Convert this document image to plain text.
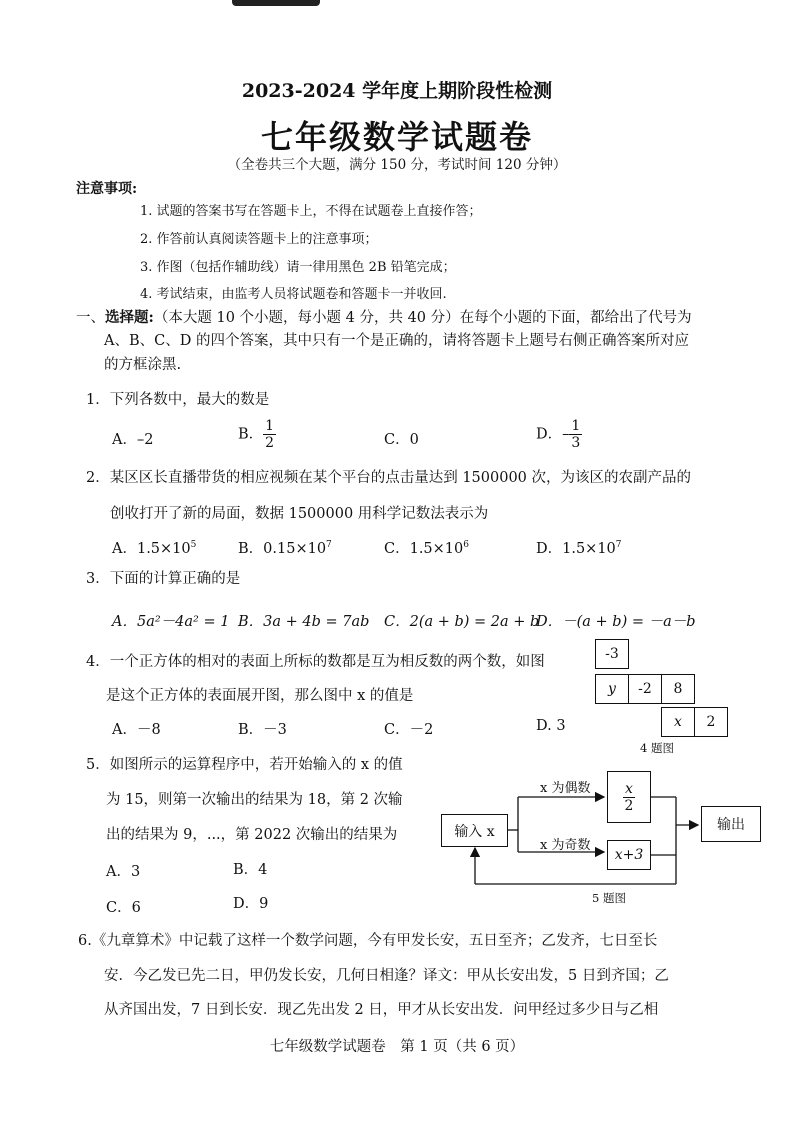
2023-2024 学年度上期阶段性检测
七年级数学试题卷
（全卷共三个大题，满分 150 分，考试时间 120 分钟）
注意事项:
1. 试题的答案书写在答题卡上，不得在试题卷上直接作答；
2. 作答前认真阅读答题卡上的注意事项；
3. 作图（包括作辅助线）请一律用黑色 2B 铅笔完成；
4. 考试结束，由监考人员将试题卷和答题卡一并收回.
一、选择题:（本大题 10 个小题，每小题 4 分，共 40 分）在每个小题的下面，都给出了代号为
A、B、C、D 的四个答案，其中只有一个是正确的，请将答题卡上题号右侧正确答案所对应
的方框涂黑.
1．下列各数中，最大的数是
A．–2	B． $\frac{1}{2}$	C．0	D．– $\frac{1}{3}$
2．某区区长直播带货的相应视频在某个平台的点击量达到 1500000 次，为该区的农副产品的
创收打开了新的局面，数据 1500000 用科学记数法表示为
A．$1.5\times 10^5$	B．$0.15\times 10^7$	C．$1.5\times 10^6$	D．$1.5\times 10^7$
3．下面的计算正确的是
A．5a²－4a² = 1 B．3a + 4b = 7ab C．2(a + b) = 2a + b
D．－(a + b) = －a－b
4．一个正方体的相对的表面上所标的数都是互为相反数的两个数，如图
是这个正方体的表面展开图，那么图中 x 的值是
A．－8	B．－3	C．－2	D. 3
-3
y	-2	8
x	2
4 题图
5．如图所示的运算程序中，若开始输入的 x 的值
为 15，则第一次输出的结果为 18，第 2 次输
出的结果为 9，...，第 2022 次输出的结果为
A．3	B．4
C．6	D．9
输入 x
x 为偶数
x 为奇数
$\frac{x}{2}$
x+3
输出
5 题图
6.《九章算术》中记载了这样一个数学问题，今有甲发长安，五日至齐；乙发齐，七日至长
安．今乙发已先二日，甲仍发长安，几何日相逢？译文：甲从长安出发，5 日到齐国；乙
从齐国出发，7 日到长安．现乙先出发 2 日，甲才从长安出发．问甲经过多少日与乙相
七年级数学试题卷　第 1 页（共 6 页）
